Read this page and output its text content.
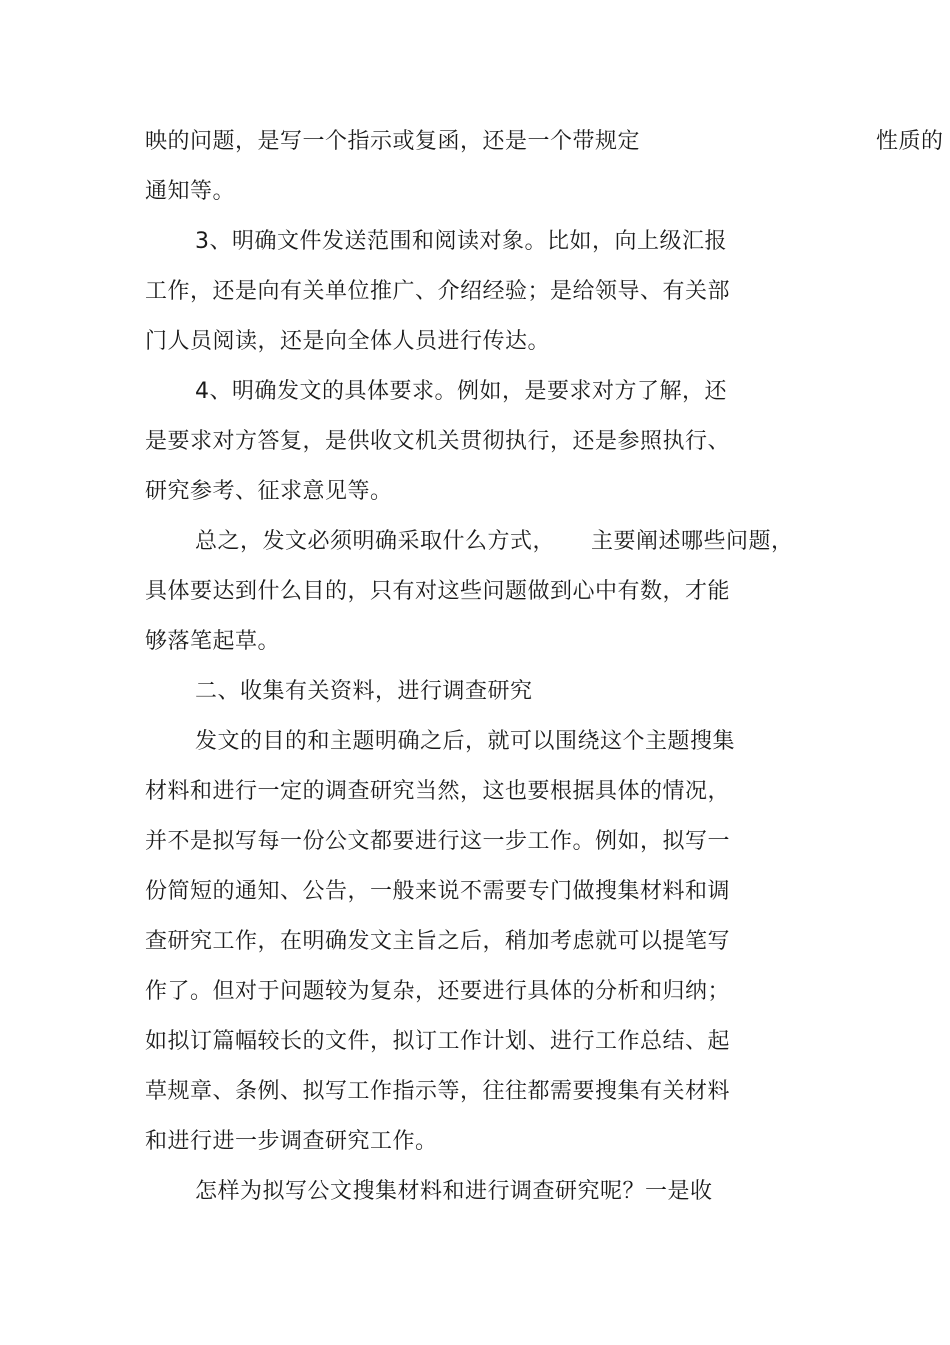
映的问题，是写一个指示或复函，还是一个带规定	性质的
通知等。
3、明确文件发送范围和阅读对象。比如，向上级汇报
工作，还是向有关单位推广、介绍经验；是给领导、有关部
门人员阅读，还是向全体人员进行传达。
4、明确发文的具体要求。例如，是要求对方了解，还
是要求对方答复，是供收文机关贯彻执行，还是参照执行、
研究参考、征求意见等。
总之，发文必须明确采取什么方式， 主要阐述哪些问题，
具体要达到什么目的，只有对这些问题做到心中有数，才能
够落笔起草。
二、收集有关资料，进行调查研究
发文的目的和主题明确之后，就可以围绕这个主题搜集
材料和进行一定的调查研究当然，这也要根据具体的情况，
并不是拟写每一份公文都要进行这一步工作。例如，拟写一
份简短的通知、公告，一般来说不需要专门做搜集材料和调
查研究工作，在明确发文主旨之后，稍加考虑就可以提笔写
作了。但对于问题较为复杂，还要进行具体的分析和归纳；
如拟订篇幅较长的文件，拟订工作计划、进行工作总结、起
草规章、条例、拟写工作指示等，往往都需要搜集有关材料
和进行进一步调查研究工作。
怎样为拟写公文搜集材料和进行调查研究呢？一是收
